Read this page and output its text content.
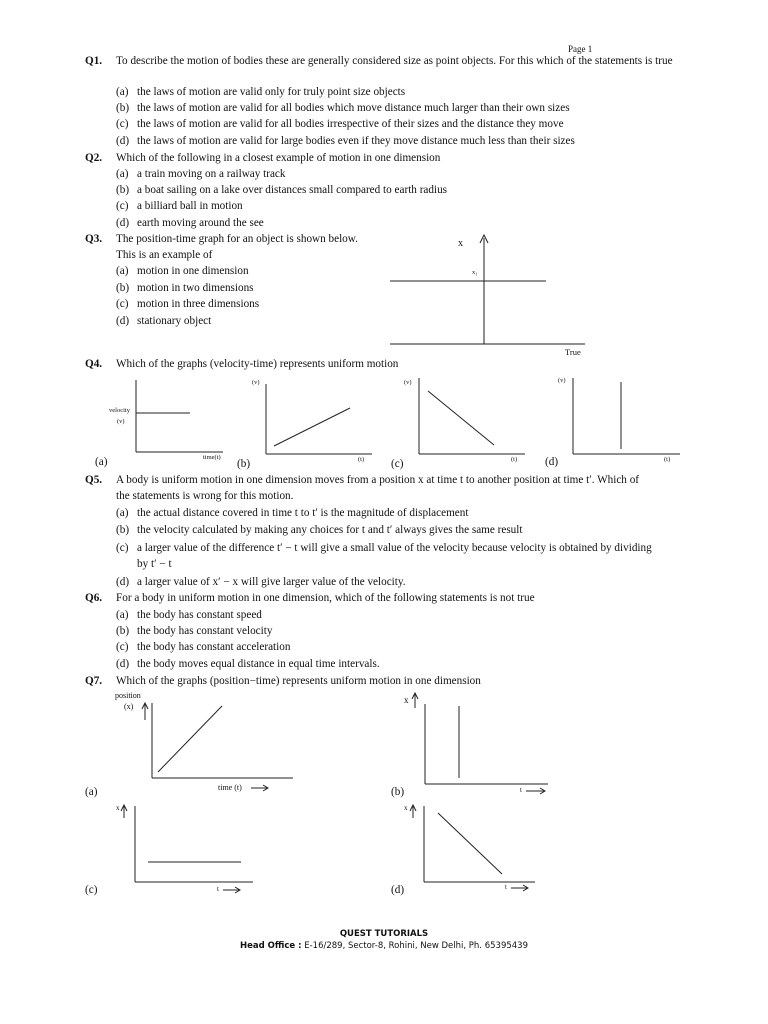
Page 1
Q1. To describe the motion of bodies these are generally considered size as point objects. For this which of the statements is true
(a) the laws of motion are valid only for truly point size objects
(b) the laws of motion are valid for all bodies which move distance much larger than their own sizes
(c) the laws of motion are valid for all bodies irrespective of their sizes and the distance they move
(d) the laws of motion are valid for large bodies even if they move distance much less than their sizes
Q2. Which of the following in a closest example of motion in one dimension
(a) a train moving on a railway track
(b) a boat sailing on a lake over distances small compared to earth radius
(c) a billiard ball in motion
(d) earth moving around the see
Q3. The position-time graph for an object is shown below.
This is an example of
(a) motion in one dimension
(b) motion in two dimensions
(c) motion in three dimensions
(d) stationary object
x
x₁
True
Q4. Which of the graphs (velocity-time) represents uniform motion
velocity
(v)
time(t)
(a)
(v)
(t)
(b)
(v)
(t)
(c)
(v)
(t)
(d)
Q5. A body is uniform motion in one dimension moves from a position x at time t to another position at time t′. Which of
the statements is wrong for this motion.
(a) the actual distance covered in time t to t′ is the magnitude of displacement
(b) the velocity calculated by making any choices for t and t′ always gives the same result
(c) a larger value of the difference t′ − t will give a small value of the velocity because velocity is obtained by dividing
by t′ − t
(d) a larger value of x′ − x will give larger value of the velocity.
Q6. For a body in uniform motion in one dimension, which of the following statements is not true
(a) the body has constant speed
(b) the body has constant velocity
(c) the body has constant acceleration
(d) the body moves equal distance in equal time intervals.
Q7. Which of the graphs (position−time) represents uniform motion in one dimension
position
(x)
time (t)
(a)
x
t
(b)
x
t
(c)
x
t
(d)
QUEST TUTORIALS
Head Office : E-16/289, Sector-8, Rohini, New Delhi, Ph. 65395439
